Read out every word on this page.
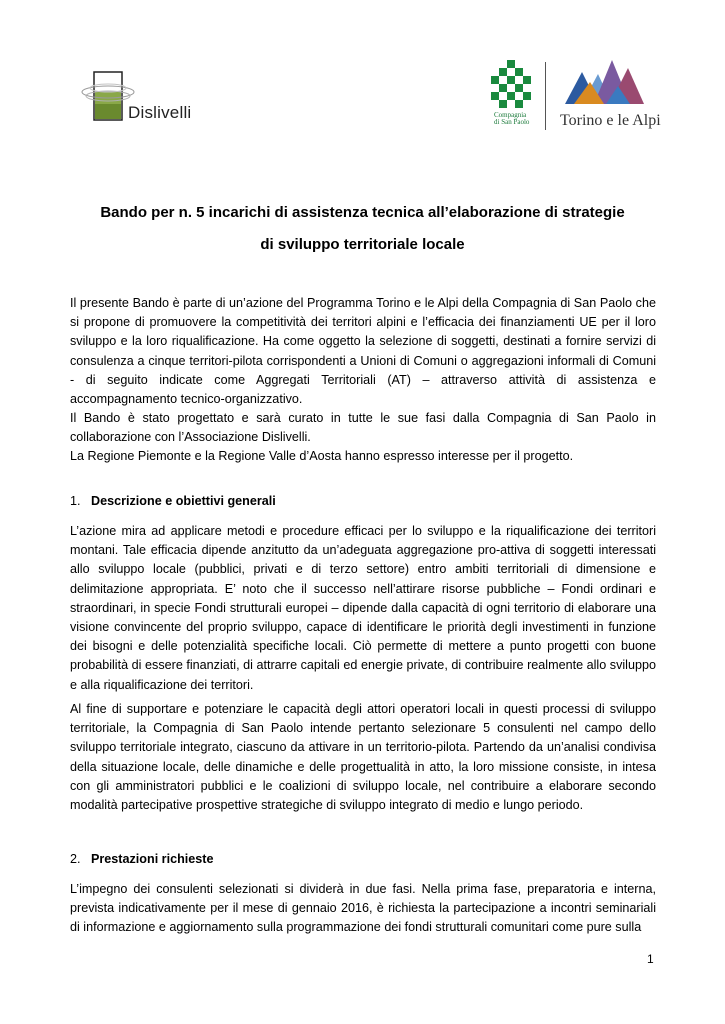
Dislivelli	Compagnia
di San Paolo Torino e le Alpi
Bando per n. 5 incarichi di assistenza tecnica all’elaborazione di strategie
di sviluppo territoriale locale

Il presente Bando è parte di un’azione del Programma Torino e le Alpi della Compagnia di San Paolo che si propone di promuovere la competitività dei territori alpini e l’efficacia dei finanziamenti UE per il loro sviluppo e la loro riqualificazione. Ha come oggetto la selezione di soggetti, destinati a fornire servizi di consulenza a cinque territori-pilota corrispondenti a Unioni di Comuni o aggregazioni informali di Comuni - di seguito indicate come Aggregati Territoriali (AT) – attraverso attività di assistenza e accompagnamento tecnico-organizzativo.

Il Bando è stato progettato e sarà curato in tutte le sue fasi dalla Compagnia di San Paolo in collaborazione con l’Associazione Dislivelli.

La Regione Piemonte e la Regione Valle d’Aosta hanno espresso interesse per il progetto.

1. Descrizione e obiettivi generali

L’azione mira ad applicare metodi e procedure efficaci per lo sviluppo e la riqualificazione dei territori montani. Tale efficacia dipende anzitutto da un’adeguata aggregazione pro-attiva di soggetti interessati allo sviluppo locale (pubblici, privati e di terzo settore) entro ambiti territoriali di dimensione e delimitazione appropriata. E’ noto che il successo nell’attirare risorse pubbliche – Fondi ordinari e straordinari, in specie Fondi strutturali europei – dipende dalla capacità di ogni territorio di elaborare una visione convincente del proprio sviluppo, capace di identificare le priorità degli investimenti in funzione dei bisogni e delle potenzialità specifiche locali. Ciò permette di mettere a punto progetti con buone probabilità di essere finanziati, di attrarre capitali ed energie private, di contribuire realmente allo sviluppo e alla riqualificazione dei territori.

Al fine di supportare e potenziare le capacità degli attori operatori locali in questi processi di sviluppo territoriale, la Compagnia di San Paolo intende pertanto selezionare 5 consulenti nel campo dello sviluppo territoriale integrato, ciascuno da attivare in un territorio-pilota. Partendo da un’analisi condivisa della situazione locale, delle dinamiche e delle progettualità in atto, la loro missione consiste, in intesa con gli amministratori pubblici e le coalizioni di sviluppo locale, nel contribuire a elaborare secondo modalità partecipative prospettive strategiche di sviluppo integrato di medio e lungo periodo.

2. Prestazioni richieste

L’impegno dei consulenti selezionati si dividerà in due fasi. Nella prima fase, preparatoria e interna, prevista indicativamente per il mese di gennaio 2016, è richiesta la partecipazione a incontri seminariali di informazione e aggiornamento sulla programmazione dei fondi strutturali comunitari come pure sulla

1
